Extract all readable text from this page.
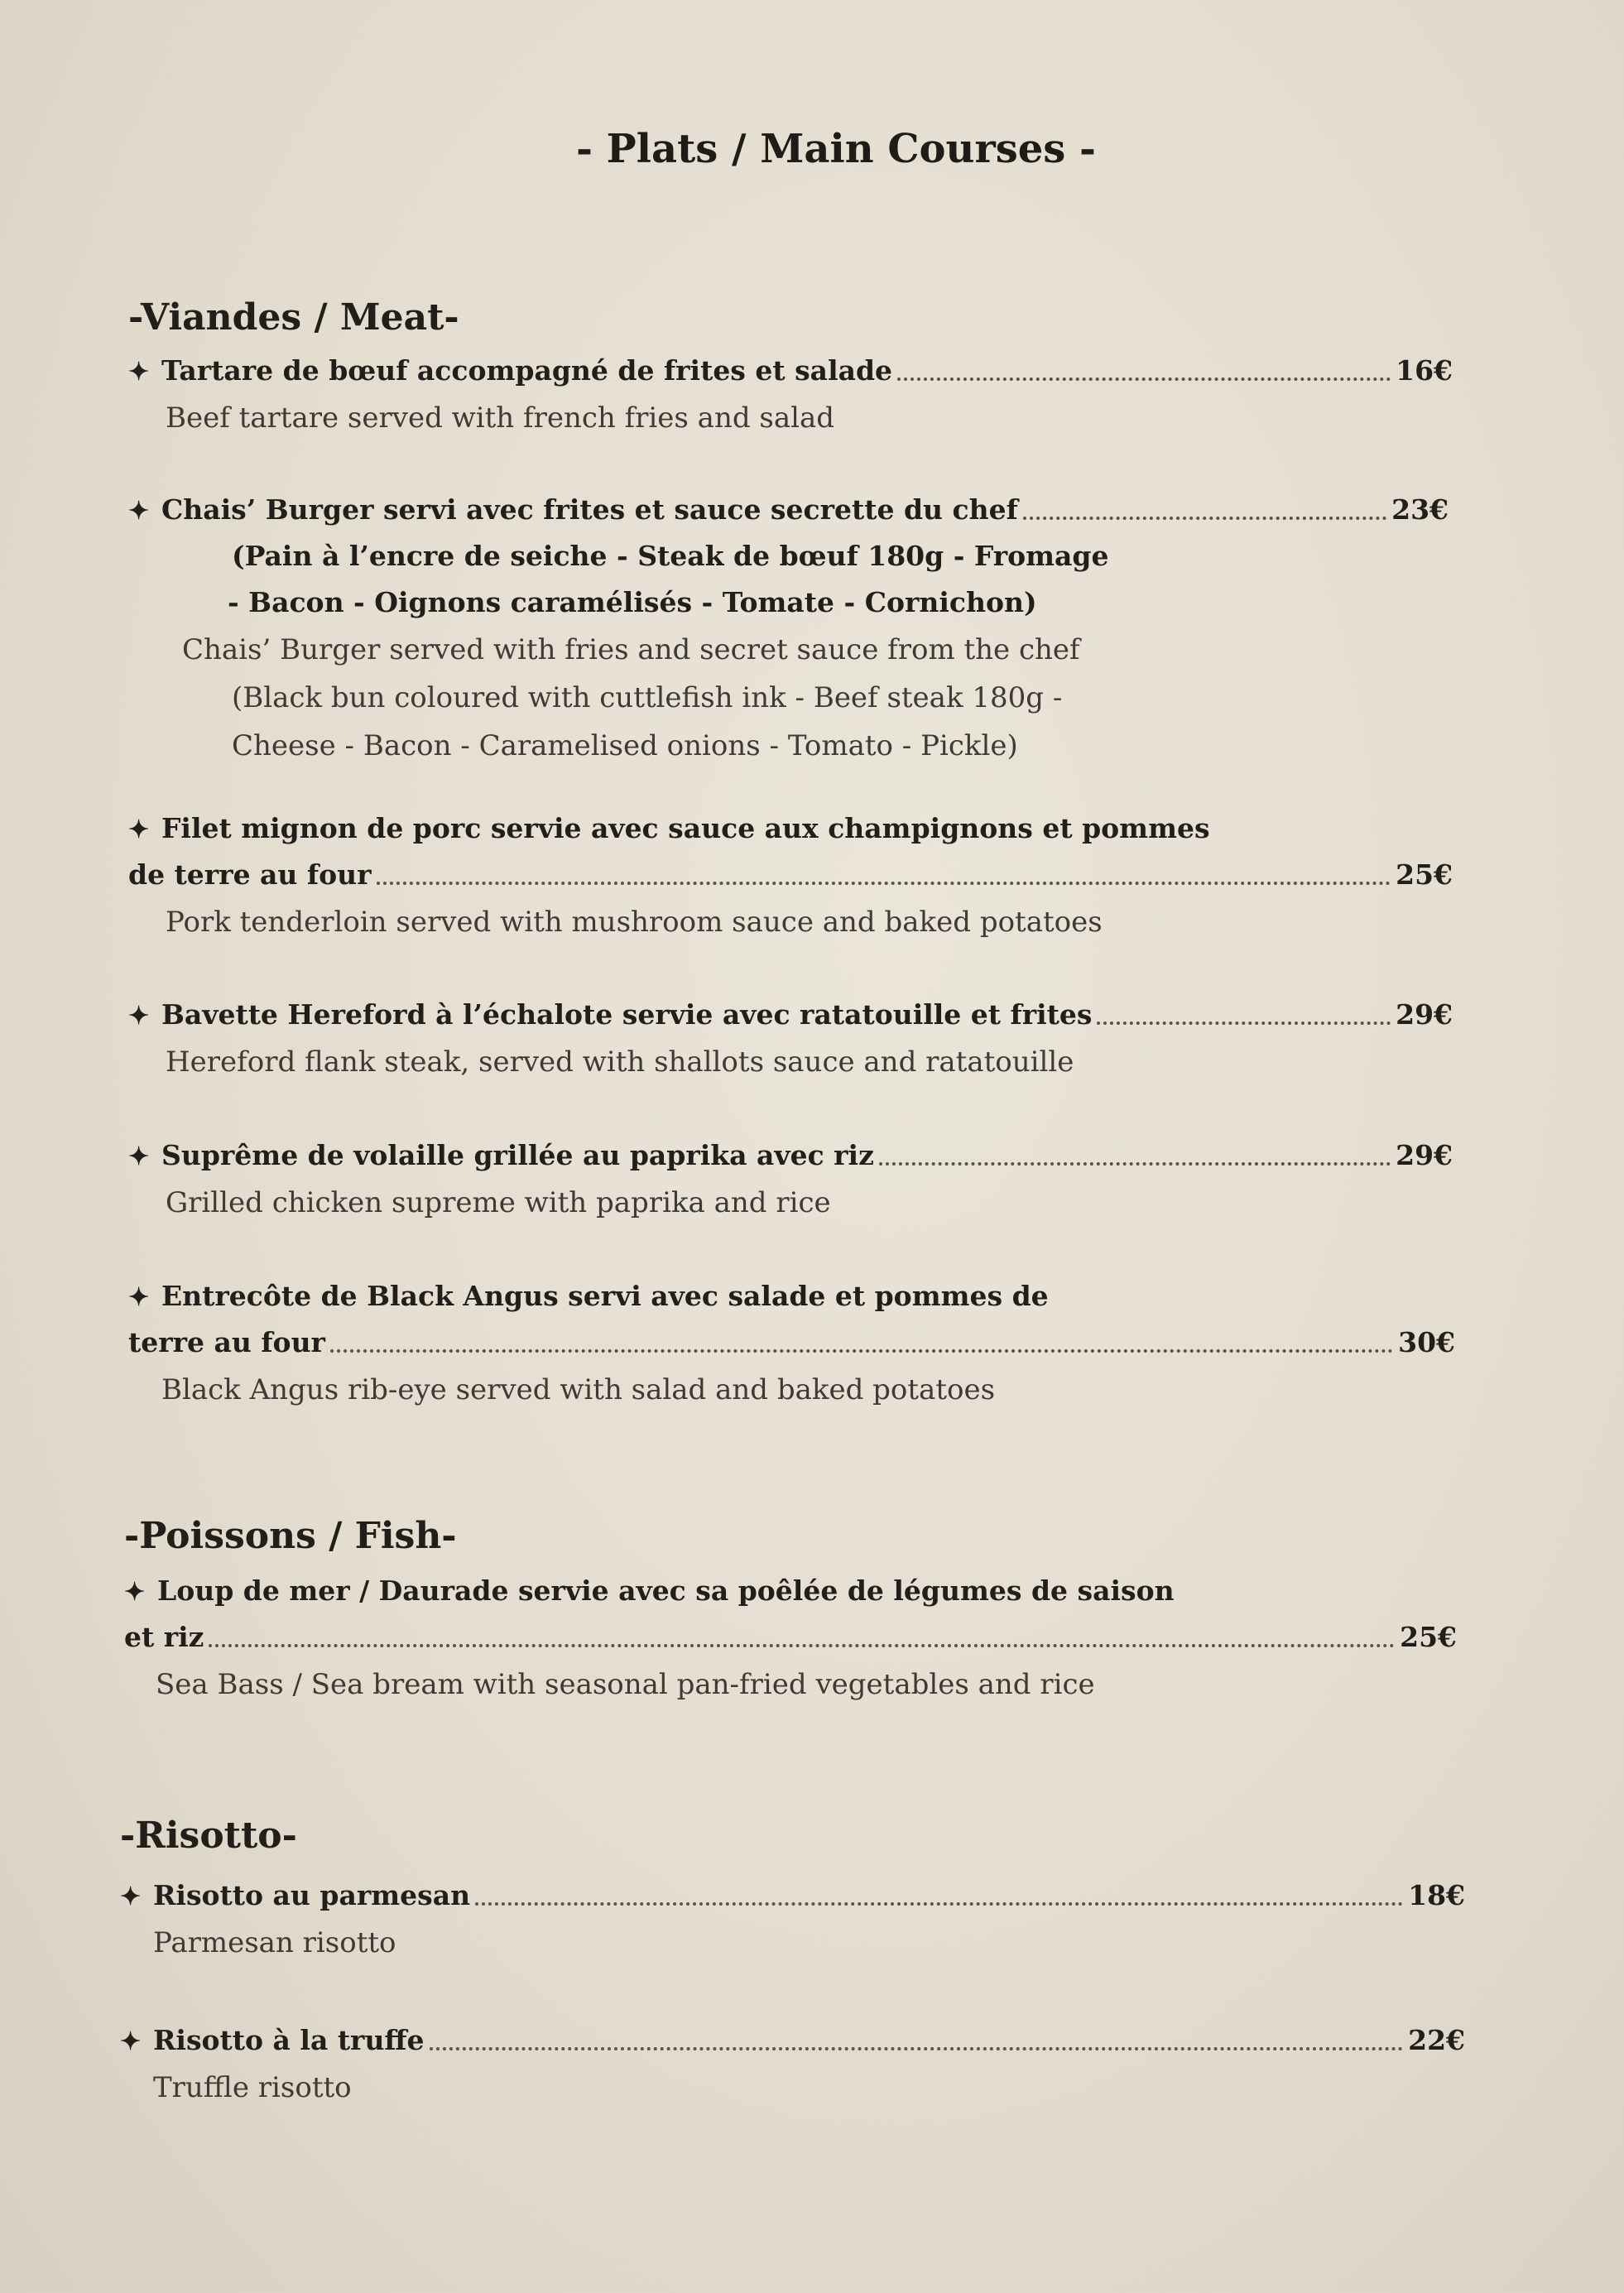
- Plats / Main Courses -
-Viandes / Meat-
✦ Tartare de bœuf accompagné de frites et salade	16€
Beef tartare served with french fries and salad
✦ Chais’ Burger servi avec frites et sauce secrette du chef	23€
(Pain à l’encre de seiche - Steak de bœuf 180g - Fromage
- Bacon - Oignons caramélisés - Tomate - Cornichon)
Chais’ Burger served with fries and secret sauce from the chef
(Black bun coloured with cuttlefish ink - Beef steak 180g -
Cheese - Bacon - Caramelised onions - Tomato - Pickle)
✦ Filet mignon de porc servie avec sauce aux champignons et pommes
de terre au four	25€
Pork tenderloin served with mushroom sauce and baked potatoes
✦ Bavette Hereford à l’échalote servie avec ratatouille et frites	29€
Hereford flank steak, served with shallots sauce and ratatouille
✦ Suprême de volaille grillée au paprika avec riz	29€
Grilled chicken supreme with paprika and rice
✦ Entrecôte de Black Angus servi avec salade et pommes de
terre au four	30€
Black Angus rib-eye served with salad and baked potatoes
-Poissons / Fish-
✦ Loup de mer / Daurade servie avec sa poêlée de légumes de saison
et riz	25€
Sea Bass / Sea bream with seasonal pan-fried vegetables and rice
-Risotto-
✦ Risotto au parmesan	18€
Parmesan risotto
✦ Risotto à la truffe	22€
Truffle risotto
